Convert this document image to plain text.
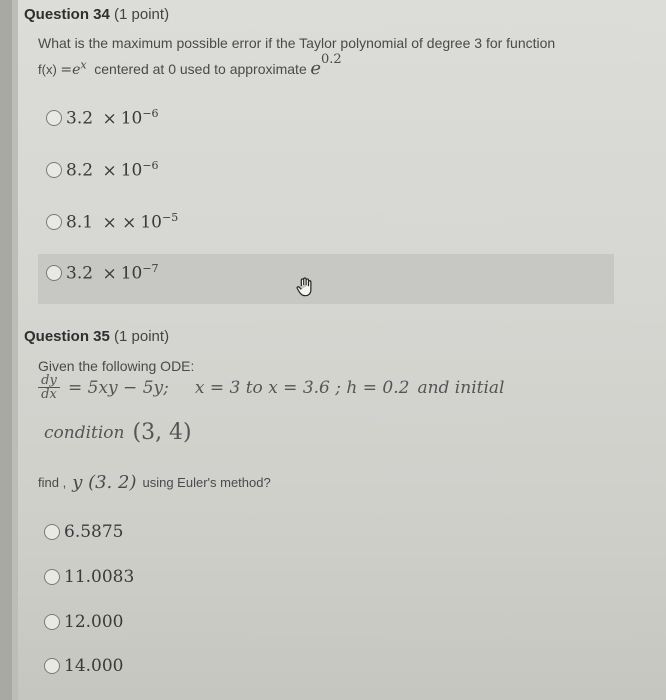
Question 34 (1 point)
What is the maximum possible error if the Taylor polynomial of degree 3 for function
$f(x) =e^x$ centered at 0 used to approximate $e^{0.2}$
$3.2 \times 10^{-6}$
$8.2 \times 10^{-6}$
8.1 × × $10^{-5}$
$3.2 \times 10^{-7}$
Question 35 (1 point)
Given the following ODE:
$\frac{dy}{dx} = 5xy - 5y$; x = 3 to x = 3.6 ; h = 0.2 and initial
condition (3, 4)
find , y (3. 2) using Euler's method?
6.5875
11.0083
12.000
14.000
